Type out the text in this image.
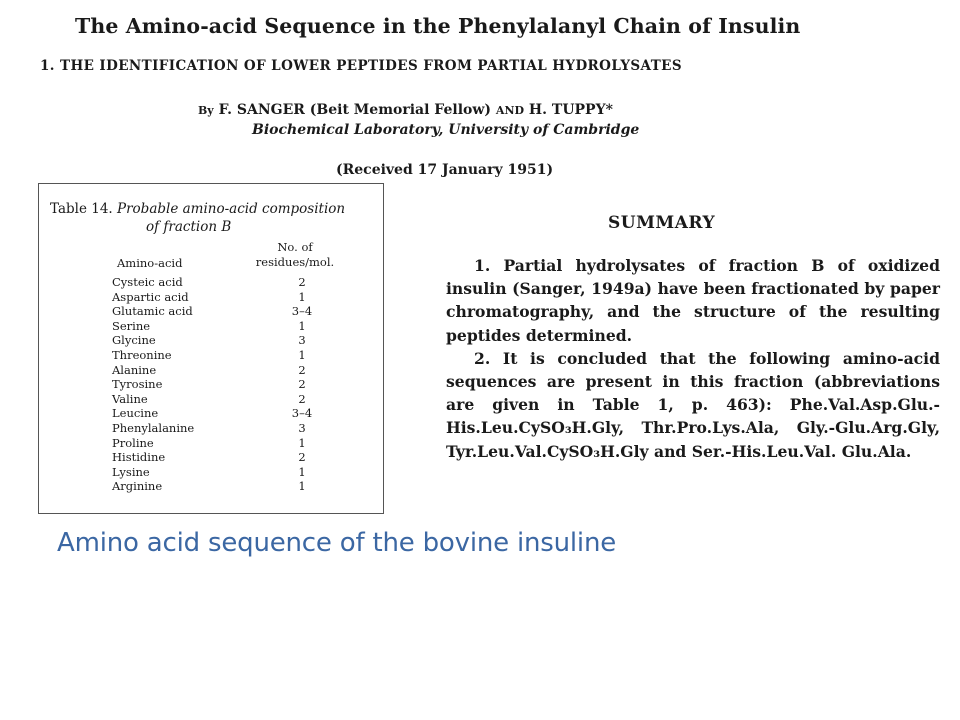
The Amino-acid Sequence in the Phenylalanyl Chain of Insulin
1. THE IDENTIFICATION OF LOWER PEPTIDES FROM PARTIAL HYDROLYSATES
By F. SANGER (Beit Memorial Fellow) AND H. TUPPY*
Biochemical Laboratory, University of Cambridge
(Received 17 January 1951)
Table 14. Probable amino-acid composition
of fraction B
Amino-acid
No. of
residues/mol.
Cysteic acid	2
Aspartic acid	1
Glutamic acid	3–4
Serine	1
Glycine	3
Threonine	1
Alanine	2
Tyrosine	2
Valine	2
Leucine	3–4
Phenylalanine	3
Proline	1
Histidine	2
Lysine	1
Arginine	1
SUMMARY
1. Partial hydrolysates of fraction B of oxidized insulin (Sanger, 1949a) have been fractionated by paper chromatography, and the structure of the resulting peptides determined.
2. It is concluded that the following amino-acid sequences are present in this fraction (abbreviations are given in Table 1, p. 463): Phe.Val.Asp.Glu.-His.Leu.CySO₃H.Gly, Thr.Pro.Lys.Ala, Gly.-Glu.Arg.Gly, Tyr.Leu.Val.CySO₃H.Gly and Ser.-His.Leu.Val. Glu.Ala.
Amino acid sequence of the bovine insuline
